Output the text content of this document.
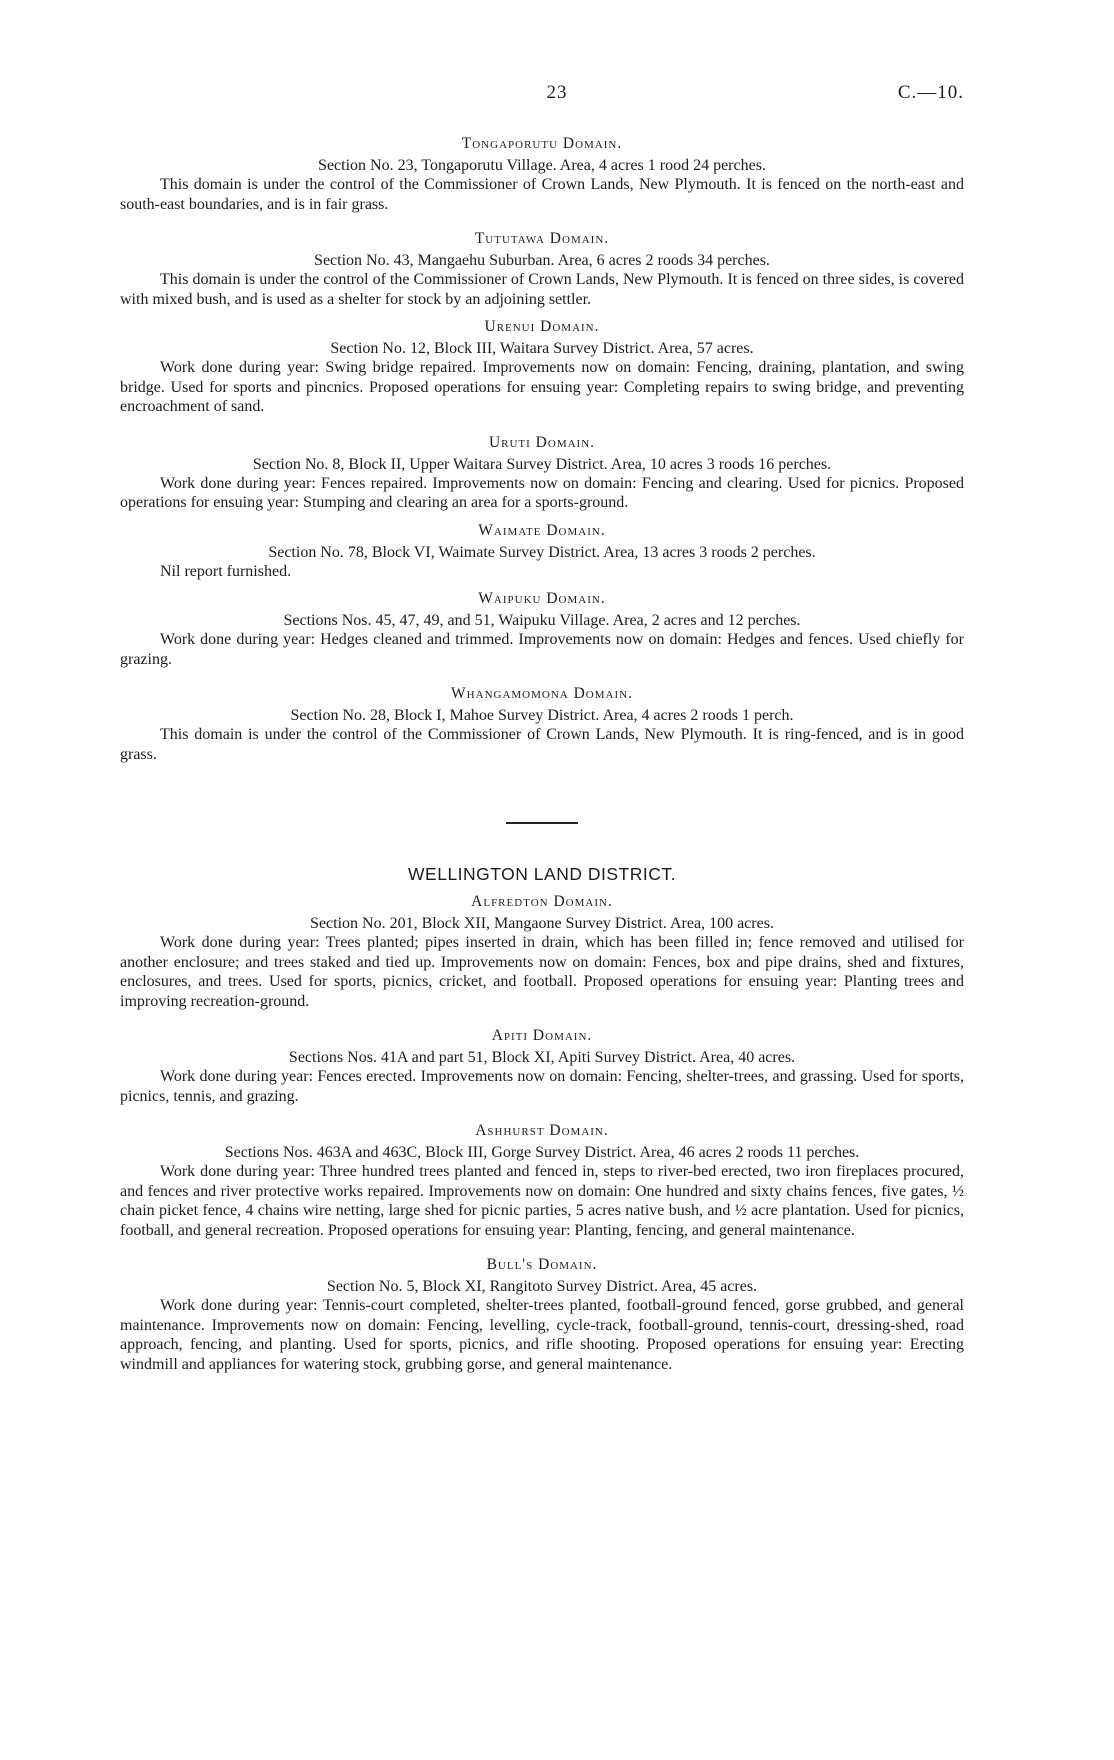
23	C.—10.
Tongaporutu Domain.
Section No. 23, Tongaporutu Village. Area, 4 acres 1 rood 24 perches.
This domain is under the control of the Commissioner of Crown Lands, New Plymouth. It is fenced on the north-east and south-east boundaries, and is in fair grass.
Tututawa Domain.
Section No. 43, Mangaehu Suburban. Area, 6 acres 2 roods 34 perches.
This domain is under the control of the Commissioner of Crown Lands, New Plymouth. It is fenced on three sides, is covered with mixed bush, and is used as a shelter for stock by an adjoining settler.
Urenui Domain.
Section No. 12, Block III, Waitara Survey District. Area, 57 acres.
Work done during year: Swing bridge repaired. Improvements now on domain: Fencing, draining, plantation, and swing bridge. Used for sports and pincnics. Proposed operations for ensuing year: Completing repairs to swing bridge, and preventing encroachment of sand.
Uruti Domain.
Section No. 8, Block II, Upper Waitara Survey District. Area, 10 acres 3 roods 16 perches.
Work done during year: Fences repaired. Improvements now on domain: Fencing and clearing. Used for picnics. Proposed operations for ensuing year: Stumping and clearing an area for a sports-ground.
Waimate Domain.
Section No. 78, Block VI, Waimate Survey District. Area, 13 acres 3 roods 2 perches.
Nil report furnished.
Waipuku Domain.
Sections Nos. 45, 47, 49, and 51, Waipuku Village. Area, 2 acres and 12 perches.
Work done during year: Hedges cleaned and trimmed. Improvements now on domain: Hedges and fences. Used chiefly for grazing.
Whangamomona Domain.
Section No. 28, Block I, Mahoe Survey District. Area, 4 acres 2 roods 1 perch.
This domain is under the control of the Commissioner of Crown Lands, New Plymouth. It is ring-fenced, and is in good grass.
WELLINGTON LAND DISTRICT.
Alfredton Domain.
Section No. 201, Block XII, Mangaone Survey District. Area, 100 acres.
Work done during year: Trees planted; pipes inserted in drain, which has been filled in; fence removed and utilised for another enclosure; and trees staked and tied up. Improvements now on domain: Fences, box and pipe drains, shed and fixtures, enclosures, and trees. Used for sports, picnics, cricket, and football. Proposed operations for ensuing year: Planting trees and improving recreation-ground.
Apiti Domain.
Sections Nos. 41A and part 51, Block XI, Apiti Survey District. Area, 40 acres.
Work done during year: Fences erected. Improvements now on domain: Fencing, shelter-trees, and grassing. Used for sports, picnics, tennis, and grazing.
Ashhurst Domain.
Sections Nos. 463A and 463C, Block III, Gorge Survey District. Area, 46 acres 2 roods 11 perches.
Work done during year: Three hundred trees planted and fenced in, steps to river-bed erected, two iron fireplaces procured, and fences and river protective works repaired. Improvements now on domain: One hundred and sixty chains fences, five gates, ½ chain picket fence, 4 chains wire netting, large shed for picnic parties, 5 acres native bush, and ½ acre plantation. Used for picnics, football, and general recreation. Proposed operations for ensuing year: Planting, fencing, and general maintenance.
Bull's Domain.
Section No. 5, Block XI, Rangitoto Survey District. Area, 45 acres.
Work done during year: Tennis-court completed, shelter-trees planted, football-ground fenced, gorse grubbed, and general maintenance. Improvements now on domain: Fencing, levelling, cycle-track, football-ground, tennis-court, dressing-shed, road approach, fencing, and planting. Used for sports, picnics, and rifle shooting. Proposed operations for ensuing year: Erecting windmill and appliances for watering stock, grubbing gorse, and general maintenance.
